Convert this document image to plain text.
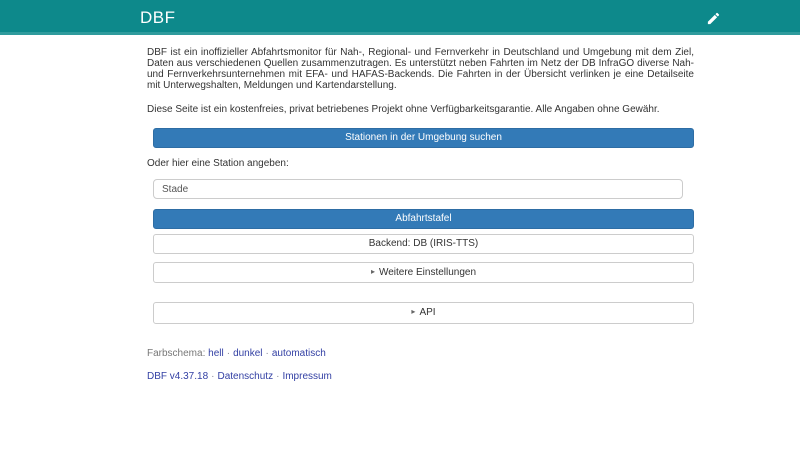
DBF

DBF ist ein inoffizieller Abfahrtsmonitor für Nah-, Regional- und Fernverkehr in Deutschland und Umgebung mit dem Ziel, Daten aus verschiedenen Quellen zusammenzutragen. Es unterstützt neben Fahrten im Netz der DB InfraGO diverse Nah- und Fernverkehrsunternehmen mit EFA- und HAFAS-Backends. Die Fahrten in der Übersicht verlinken je eine Detailseite mit Unterwegshalten, Meldungen und Kartendarstellung.

Diese Seite ist ein kostenfreies, privat betriebenes Projekt ohne Verfügbarkeitsgarantie. Alle Angaben ohne Gewähr.

Stationen in der Umgebung suchen
Oder hier eine Station angeben:
Stade
Abfahrtstafel
Backend: DB (IRIS-TTS)
▸ Weitere Einstellungen
▸ API
Farbschema: hell · dunkel · automatisch
DBF v4.37.18 · Datenschutz · Impressum
